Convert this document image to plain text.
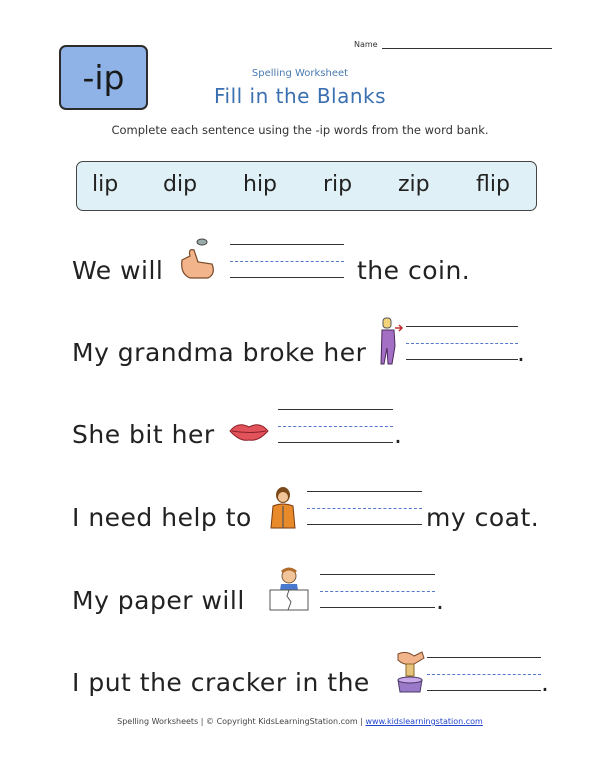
-ip
Name
Spelling Worksheet
Fill in the Blanks
Complete each sentence using the -ip words from the word bank.
lip dip hip rip zip flip
We will	the coin.
My grandma broke her	.
She bit her	.
I need help to	my coat.
My paper will	.
I put the cracker in the	.
Spelling Worksheets | © Copyright KidsLearningStation.com | www.kidslearningstation.com
